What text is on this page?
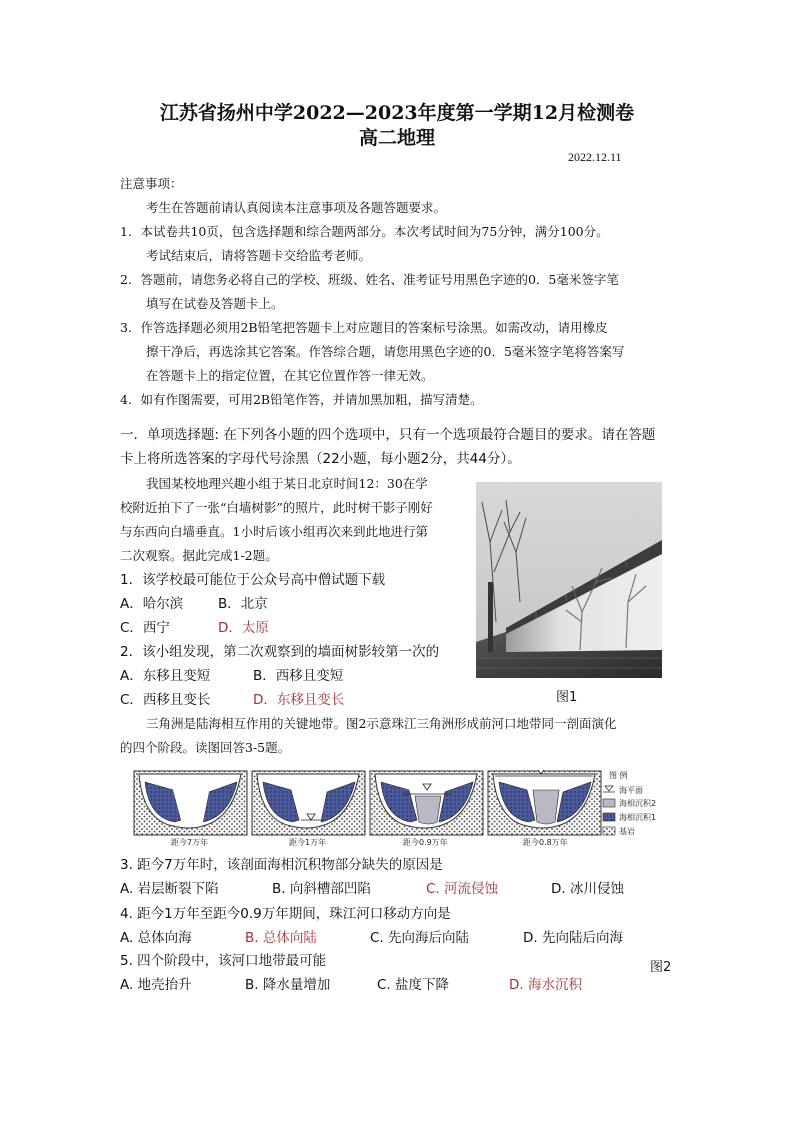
江苏省扬州中学2022—2023年度第一学期12月检测卷
高二地理
2022.12.11
注意事项：
考生在答题前请认真阅读本注意事项及各题答题要求。
1．本试卷共10页，包含选择题和综合题两部分。本次考试时间为75分钟，满分100分。
考试结束后，请将答题卡交给监考老师。
2．答题前，请您务必将自己的学校、班级、姓名、准考证号用黑色字迹的0．5毫米签字笔
填写在试卷及答题卡上。
3．作答选择题必须用2B铅笔把答题卡上对应题目的答案标号涂黑。如需改动，请用橡皮
擦干净后，再选涂其它答案。作答综合题，请您用黑色字迹的0．5毫米签字笔将答案写
在答题卡上的指定位置，在其它位置作答一律无效。
4．如有作图需要，可用2B铅笔作答，并请加黑加粗，描写清楚。
一．单项选择题: 在下列各小题的四个选项中，只有一个选项最符合题目的要求。请在答题
卡上将所选答案的字母代号涂黑（22小题，每小题2分，共44分）。
我国某校地理兴趣小组于某日北京时间12：30在学
校附近拍下了一张“白墙树影”的照片，此时树干影子刚好
与东西向白墙垂直。1小时后该小组再次来到此地进行第
二次观察。据此完成1-2题。
1．该学校最可能位于公众号高中僧试题下载
A．哈尔滨	B．北京
C．西宁	D．太原
2．该小组发现，第二次观察到的墙面树影较第一次的
A．东移且变短	B．西移且变短
C．西移且变长	D．东移且变长	图1
三角洲是陆海相互作用的关键地带。图2示意珠江三角洲形成前河口地带同一剖面演化
的四个阶段。读图回答3-5题。
图 例
海平面
海相沉积2
海相沉积1
基岩
距今7万年	距今1万年	距今0.9万年	距今0.8万年
3. 距今7万年时，该剖面海相沉积物部分缺失的原因是
A. 岩层断裂下陷	B. 向斜槽部凹陷	C. 河流侵蚀	D. 冰川侵蚀
4. 距今1万年至距今0.9万年期间，珠江河口移动方向是
A. 总体向海	B. 总体向陆	C. 先向海后向陆	D. 先向陆后向海
5. 四个阶段中，该河口地带最可能	图2
A. 地壳抬升	B. 降水量增加	C. 盐度下降	D. 海水沉积
